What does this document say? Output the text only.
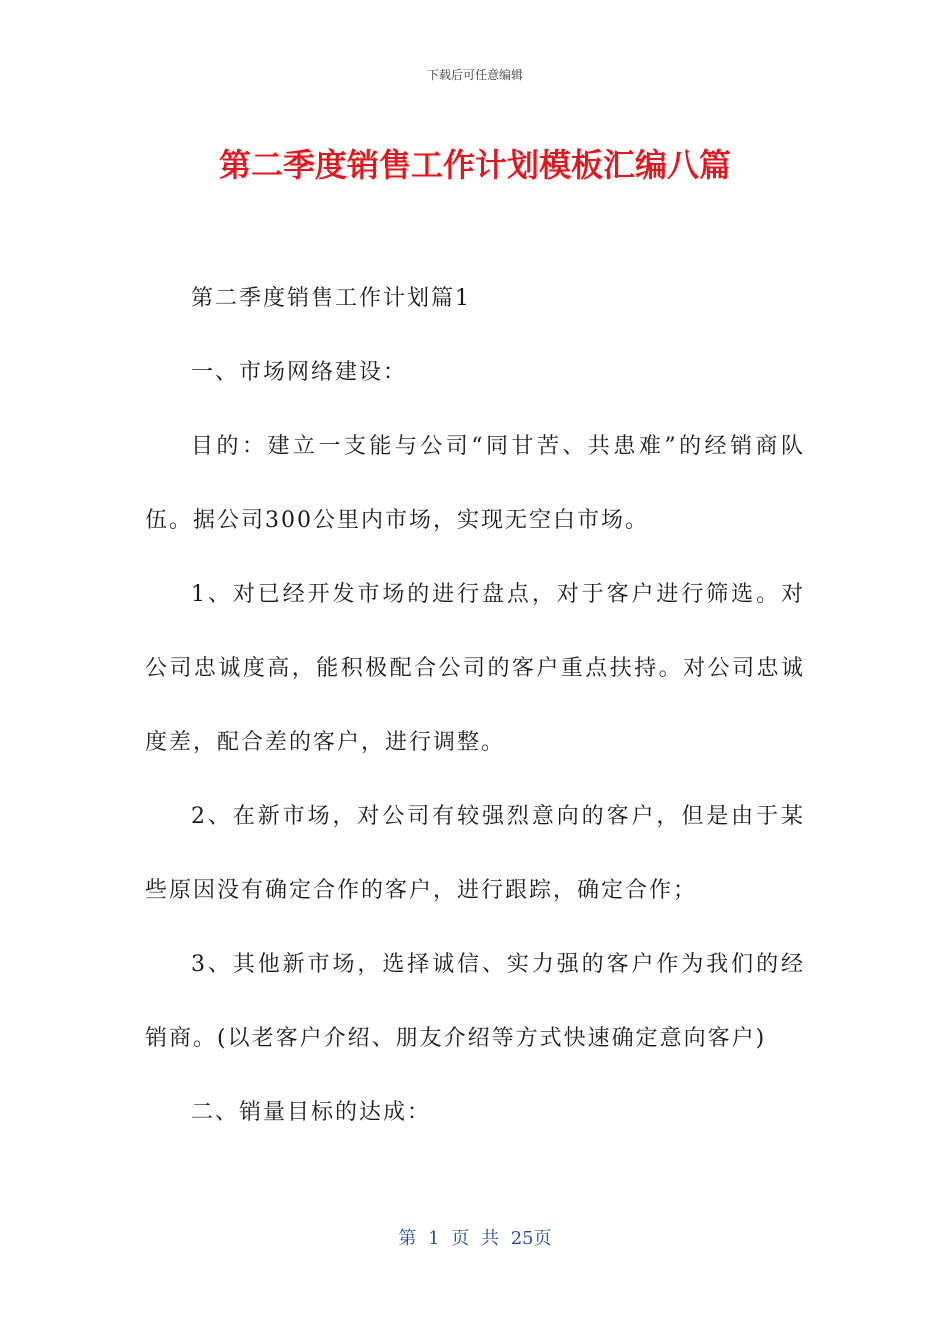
下载后可任意编辑
第二季度销售工作计划模板汇编八篇

第二季度销售工作计划篇1

一、市场网络建设：

目的：建立一支能与公司“同甘苦、共患难”的经销商队伍。据公司300公里内市场，实现无空白市场。

1、对已经开发市场的进行盘点，对于客户进行筛选。对公司忠诚度高，能积极配合公司的客户重点扶持。对公司忠诚度差，配合差的客户，进行调整。

2、在新市场，对公司有较强烈意向的客户，但是由于某些原因没有确定合作的客户，进行跟踪，确定合作；

3、其他新市场，选择诚信、实力强的客户作为我们的经销商。(以老客户介绍、朋友介绍等方式快速确定意向客户)

二、销量目标的达成：

第 1 页 共 25页
